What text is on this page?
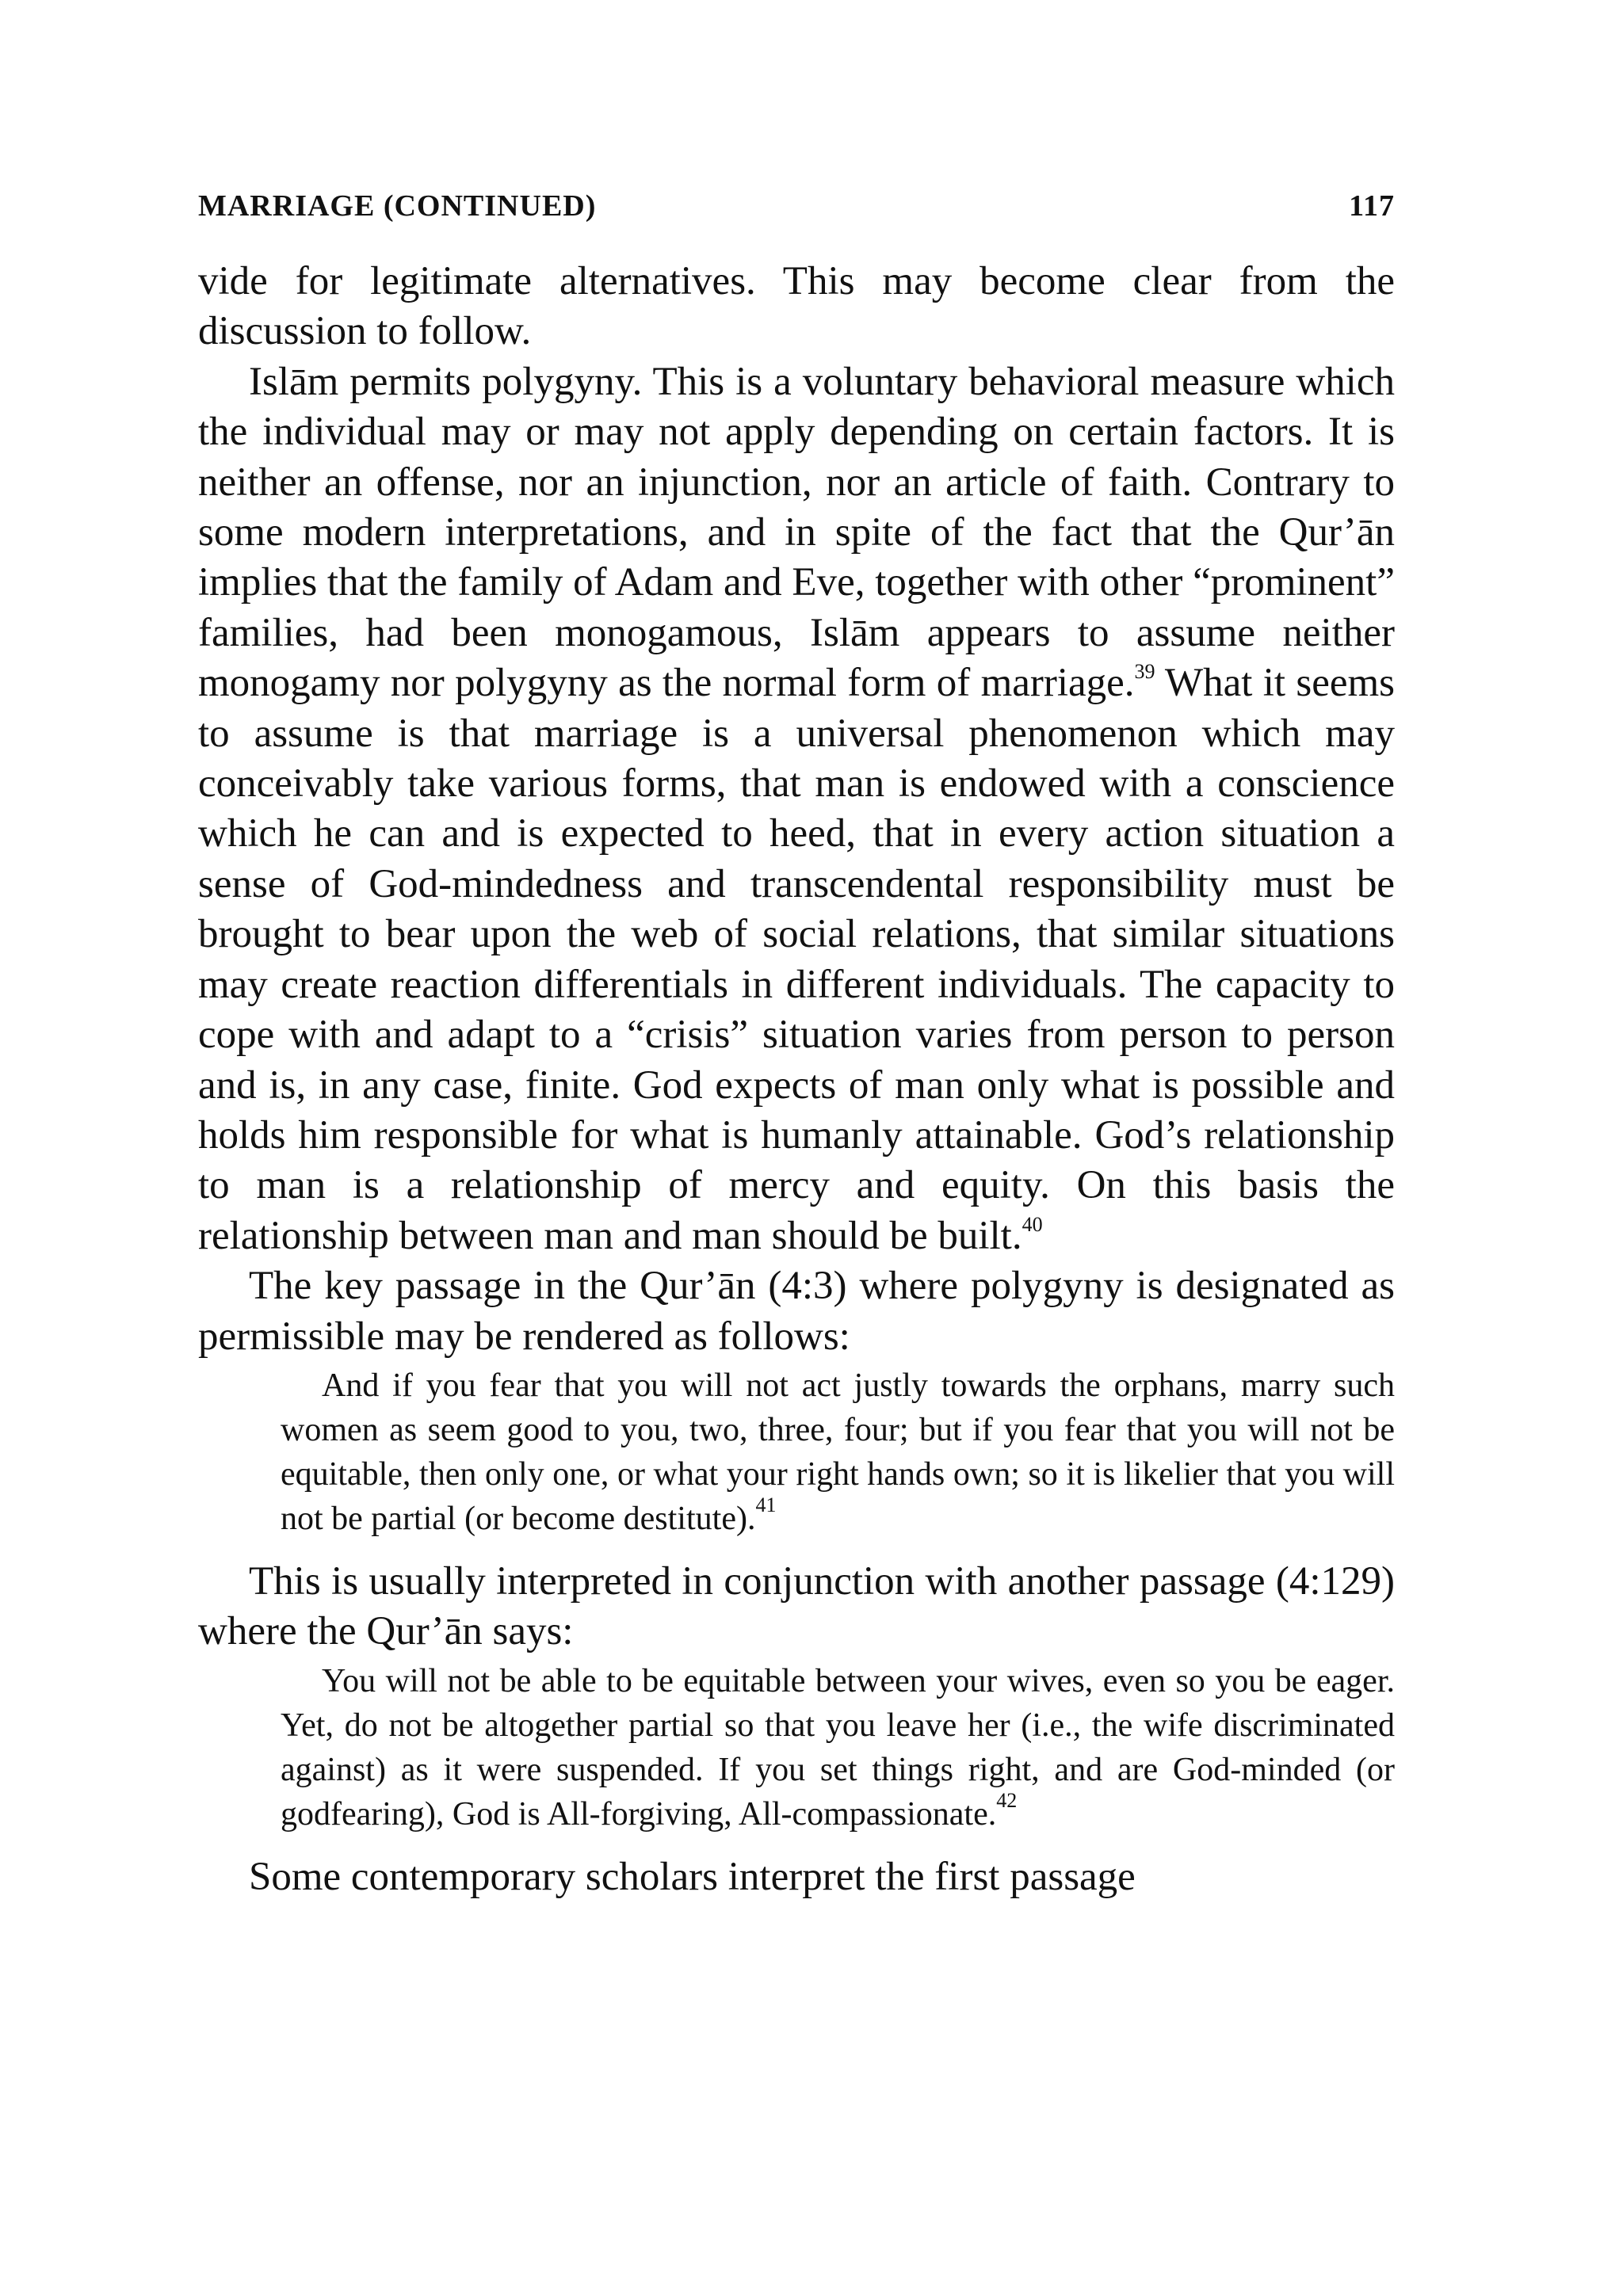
MARRIAGE (CONTINUED)	117

vide for legitimate alternatives. This may become clear from the discussion to follow.

Islām permits polygyny. This is a voluntary behavioral measure which the individual may or may not apply depending on certain factors. It is neither an offense, nor an injunction, nor an article of faith. Contrary to some modern interpretations, and in spite of the fact that the Qur’ān implies that the family of Adam and Eve, together with other “prominent” families, had been monogamous, Islām appears to assume neither monogamy nor polygyny as the normal form of marriage.$^{39}$ What it seems to assume is that marriage is a universal phenomenon which may conceivably take various forms, that man is endowed with a conscience which he can and is expected to heed, that in every action situation a sense of God-mindedness and transcendental responsibility must be brought to bear upon the web of social relations, that similar situations may create reaction differentials in different individuals. The capacity to cope with and adapt to a “crisis” situation varies from person to person and is, in any case, finite. God expects of man only what is possible and holds him responsible for what is humanly attainable. God’s relationship to man is a relationship of mercy and equity. On this basis the relationship between man and man should be built.$^{40}$

The key passage in the Qur’ān (4:3) where polygyny is designated as permissible may be rendered as follows:

And if you fear that you will not act justly towards the orphans, marry such women as seem good to you, two, three, four; but if you fear that you will not be equitable, then only one, or what your right hands own; so it is likelier that you will not be partial (or become destitute).$^{41}$

This is usually interpreted in conjunction with another passage (4:129) where the Qur’ān says:

You will not be able to be equitable between your wives, even so you be eager. Yet, do not be altogether partial so that you leave her (i.e., the wife discriminated against) as it were suspended. If you set things right, and are God-minded (or godfearing), God is All-forgiving, All-compassionate.$^{42}$

Some contemporary scholars interpret the first passage
